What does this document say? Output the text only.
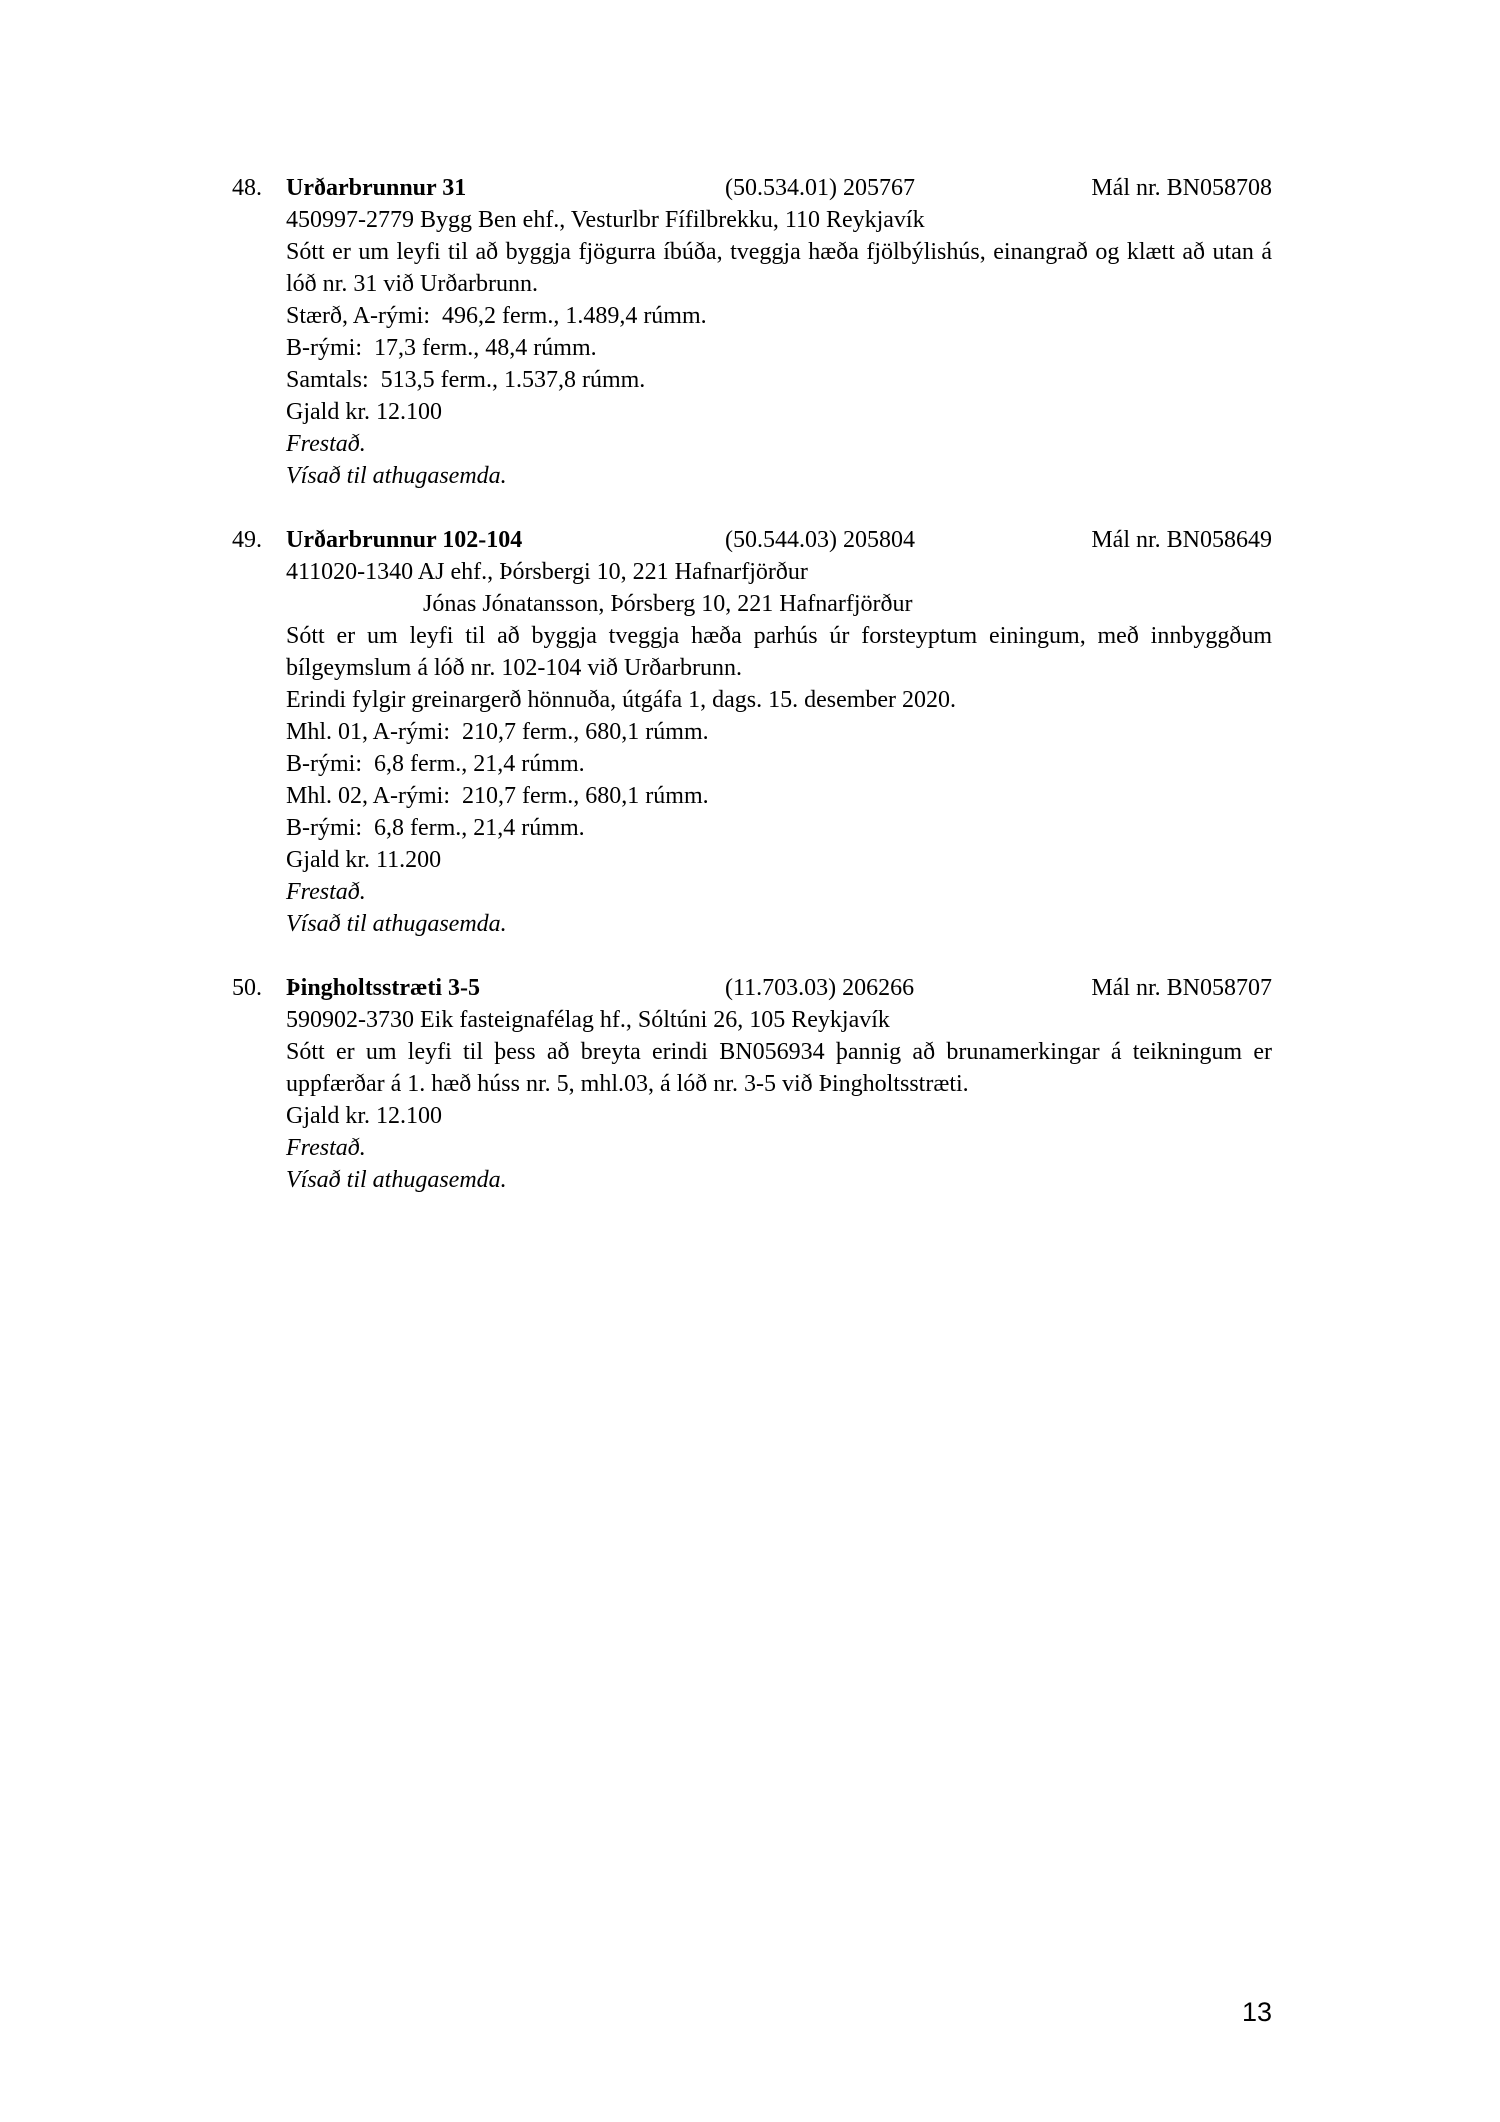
48. Urðarbrunnur 31	(50.534.01) 205767	Mál nr. BN058708
450997-2779 Bygg Ben ehf., Vesturlbr Fífilbrekku, 110 Reykjavík
Sótt er um leyfi til að byggja fjögurra íbúða, tveggja hæða fjölbýlishús, einangrað og klætt að utan á lóð nr. 31 við Urðarbrunn.
Stærð, A-rými:  496,2 ferm., 1.489,4 rúmm.
B-rými:  17,3 ferm., 48,4 rúmm.
Samtals:  513,5 ferm., 1.537,8 rúmm.
Gjald kr. 12.100
Frestað.
Vísað til athugasemda.
49. Urðarbrunnur 102-104	(50.544.03) 205804	Mál nr. BN058649
411020-1340 AJ ehf., Þórsbergi 10, 221 Hafnarfjörður
Jónas Jónatansson, Þórsberg 10, 221 Hafnarfjörður
Sótt er um leyfi til að byggja tveggja hæða parhús úr forsteyptum einingum, með innbyggðum bílgeymslum á lóð nr. 102-104 við Urðarbrunn.
Erindi fylgir greinargerð hönnuða, útgáfa 1, dags. 15. desember 2020.
Mhl. 01, A-rými:  210,7 ferm., 680,1 rúmm.
B-rými:  6,8 ferm., 21,4 rúmm.
Mhl. 02, A-rými:  210,7 ferm., 680,1 rúmm.
B-rými:  6,8 ferm., 21,4 rúmm.
Gjald kr. 11.200
Frestað.
Vísað til athugasemda.
50. Þingholtsstræti 3-5	(11.703.03) 206266	Mál nr. BN058707
590902-3730 Eik fasteignafélag hf., Sóltúni 26, 105 Reykjavík
Sótt er um leyfi til þess að breyta erindi BN056934 þannig að brunamerkingar á teikningum er uppfærðar á 1. hæð húss nr. 5, mhl.03, á lóð nr. 3-5 við Þingholtsstræti.
Gjald kr. 12.100
Frestað.
Vísað til athugasemda.
13
